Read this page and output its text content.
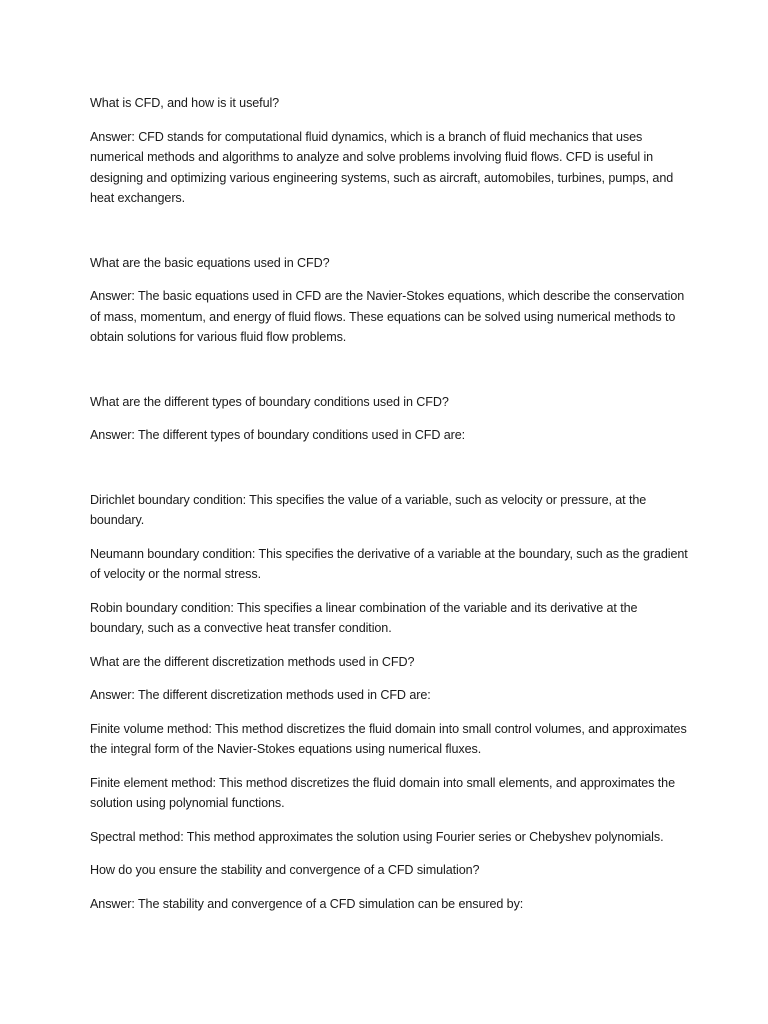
What is CFD, and how is it useful?

Answer: CFD stands for computational fluid dynamics, which is a branch of fluid mechanics that uses numerical methods and algorithms to analyze and solve problems involving fluid flows. CFD is useful in designing and optimizing various engineering systems, such as aircraft, automobiles, turbines, pumps, and heat exchangers.

What are the basic equations used in CFD?

Answer: The basic equations used in CFD are the Navier-Stokes equations, which describe the conservation of mass, momentum, and energy of fluid flows. These equations can be solved using numerical methods to obtain solutions for various fluid flow problems.

What are the different types of boundary conditions used in CFD?

Answer: The different types of boundary conditions used in CFD are:

Dirichlet boundary condition: This specifies the value of a variable, such as velocity or pressure, at the boundary.

Neumann boundary condition: This specifies the derivative of a variable at the boundary, such as the gradient of velocity or the normal stress.

Robin boundary condition: This specifies a linear combination of the variable and its derivative at the boundary, such as a convective heat transfer condition.

What are the different discretization methods used in CFD?

Answer: The different discretization methods used in CFD are:

Finite volume method: This method discretizes the fluid domain into small control volumes, and approximates the integral form of the Navier-Stokes equations using numerical fluxes.

Finite element method: This method discretizes the fluid domain into small elements, and approximates the solution using polynomial functions.

Spectral method: This method approximates the solution using Fourier series or Chebyshev polynomials.

How do you ensure the stability and convergence of a CFD simulation?

Answer: The stability and convergence of a CFD simulation can be ensured by:
